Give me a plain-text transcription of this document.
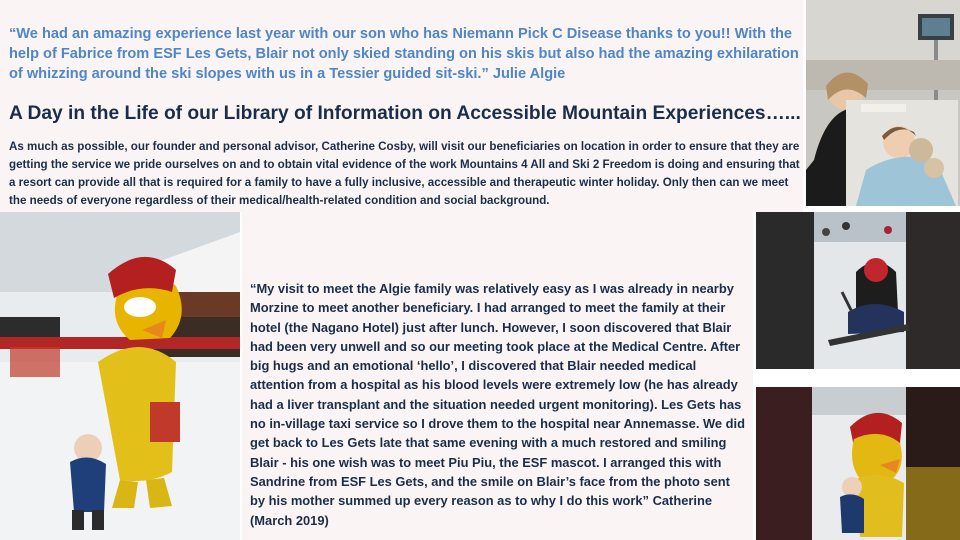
“We had an amazing experience last year with our son who has Niemann Pick C Disease thanks to you!! With the help of Fabrice from ESF Les Gets, Blair not only skied standing on his skis but also had the amazing exhilaration of whizzing around the ski slopes with us in a Tessier guided sit-ski.” Julie Algie

A Day in the Life of our Library of Information on Accessible Mountain Experiences…...

As much as possible, our founder and personal advisor, Catherine Cosby, will visit our beneficiaries on location in order to ensure that they are getting the service we pride ourselves on and to obtain vital evidence of the work Mountains 4 All and Ski 2 Freedom is doing and ensuring that a resort can provide all that is required for a family to have a fully inclusive, accessible and therapeutic winter holiday. Only then can we meet the needs of everyone regardless of their medical/health-related condition and social background.

“My visit to meet the Algie family was relatively easy as I was already in nearby Morzine to meet another beneficiary. I had arranged to meet the family at their hotel (the Nagano Hotel) just after lunch. However, I soon discovered that Blair had been very unwell and so our meeting took place at the Medical Centre. After big hugs and an emotional ‘hello’, I discovered that Blair needed medical attention from a hospital as his blood levels were extremely low (he has already had a liver transplant and the situation needed urgent monitoring). Les Gets has no in-village taxi service so I drove them to the hospital near Annemasse. We did get back to Les Gets late that same evening with a much restored and smiling Blair - his one wish was to meet Piu Piu, the ESF mascot. I arranged this with Sandrine from ESF Les Gets, and the smile on Blair’s face from the photo sent by his mother summed up every reason as to why I do this work” Catherine (March 2019)
